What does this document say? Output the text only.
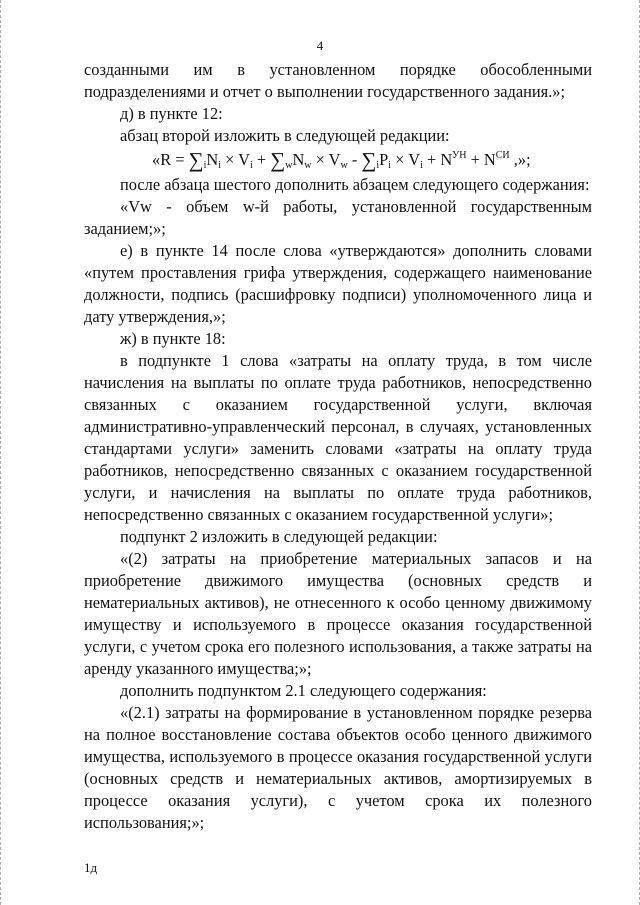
4

созданными им в установленном порядке обособленными подразделениями и отчет о выполнении государственного задания.»;

д) в пункте 12:

абзац второй изложить в следующей редакции:

«$R = \sum iNi \times Vi + \sum wNw \times Vw - \sum iPi \times Vi + N^{УН} + N^{СИ}$ ,»;

после абзаца шестого дополнить абзацем следующего содержания:

«Vw - объем w-й работы, установленной государственным заданием;»;

е) в пункте 14 после слова «утверждаются» дополнить словами «путем проставления грифа утверждения, содержащего наименование должности, подпись (расшифровку подписи) уполномоченного лица и дату утверждения,»;

ж) в пункте 18:

в подпункте 1 слова «затраты на оплату труда, в том числе начисления на выплаты по оплате труда работников, непосредственно связанных с оказанием государственной услуги, включая административно-управленческий персонал, в случаях, установленных стандартами услуги» заменить словами «затраты на оплату труда работников, непосредственно связанных с оказанием государственной услуги, и начисления на выплаты по оплате труда работников, непосредственно связанных с оказанием государственной услуги»;

подпункт 2 изложить в следующей редакции:

«(2) затраты на приобретение материальных запасов и на приобретение движимого имущества (основных средств и нематериальных активов), не отнесенного к особо ценному движимому имуществу и используемого в процессе оказания государственной услуги, с учетом срока его полезного использования, а также затраты на аренду указанного имущества;»;

дополнить подпунктом 2.1 следующего содержания:

«(2.1) затраты на формирование в установленном порядке резерва на полное восстановление состава объектов особо ценного движимого имущества, используемого в процессе оказания государственной услуги (основных средств и нематериальных активов, амортизируемых в процессе оказания услуги), с учетом срока их полезного использования;»;

1д
